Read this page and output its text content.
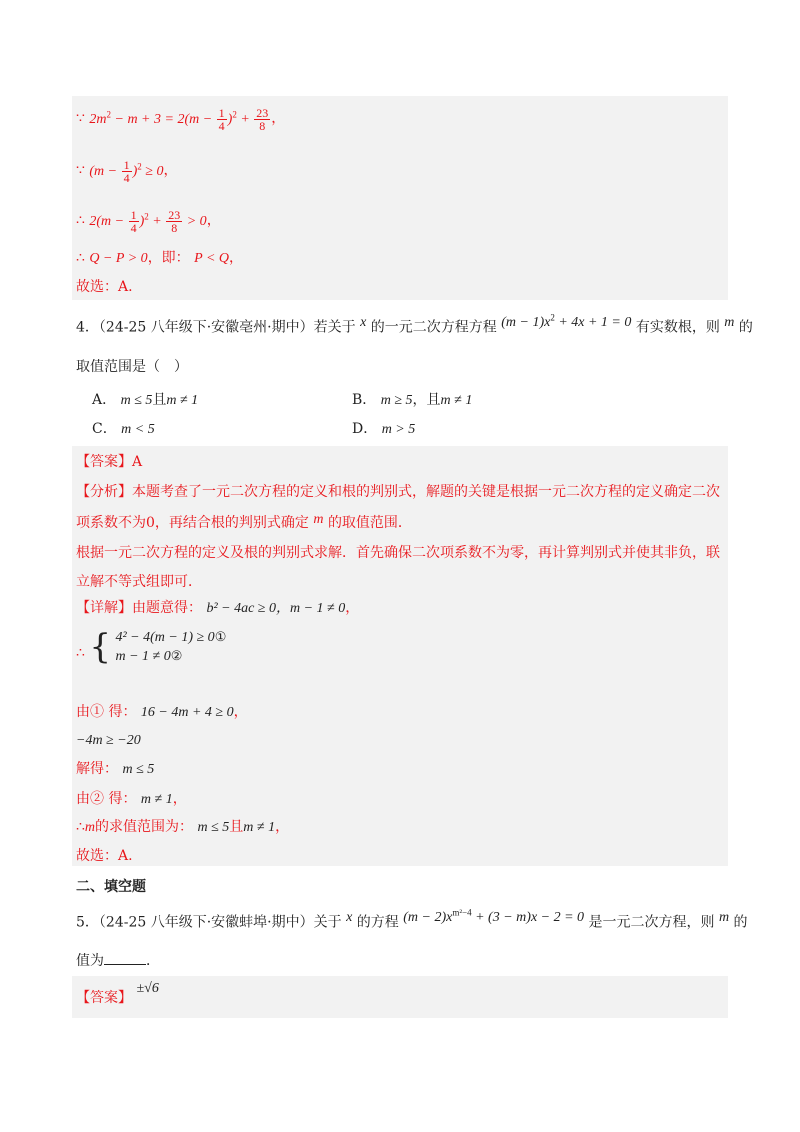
∵ $2m^2 - m + 3 = 2(m - \frac{1}{4} )^2 + \frac{23}{8}$ ，
∵ $(m - \frac{1}{4} )^2 \ge 0$，
∴ $2(m - \frac{1}{4} )^2 + \frac{23}{8} > 0$，
∴ Q − P > 0，即： P < Q，
故选：A.
4．（24-25 八年级下·安徽亳州·期中）若关于 x 的一元二次方程方程 $(m - 1)x^2 + 4x + 1 = 0$ 有实数根，则 m 的
取值范围是（　）
A． m ≤ 5且m ≠ 1	B． m ≥ 5，且m ≠ 1
C． m < 5	D． m > 5
【答案】A
【分析】本题考查了一元二次方程的定义和根的判别式，解题的关键是根据一元二次方程的定义确定二次
项系数不为0，再结合根的判别式确定 m 的取值范围．
根据一元二次方程的定义及根的判别式求解．首先确保二次项系数不为零，再计算判别式并使其非负，联
立解不等式组即可．
【详解】由题意得： b² − 4ac ≥ 0，m − 1 ≠ 0，
∴ { 4² − 4(m − 1) ≥ 0①
m − 1 ≠ 0②
由① 得： 16 − 4m + 4 ≥ 0，
−4m ≥ −20
解得： m ≤ 5
由② 得： m ≠ 1，
∴m的求值范围为： m ≤ 5且m ≠ 1，
故选：A.
二、填空题
5．（24-25 八年级下·安徽蚌埠·期中）关于 x 的方程 $(m - 2)x^{m^2-4} + (3 - m)x - 2 = 0$ 是一元二次方程，则 m 的
值为	．
【答案】 ±√6
